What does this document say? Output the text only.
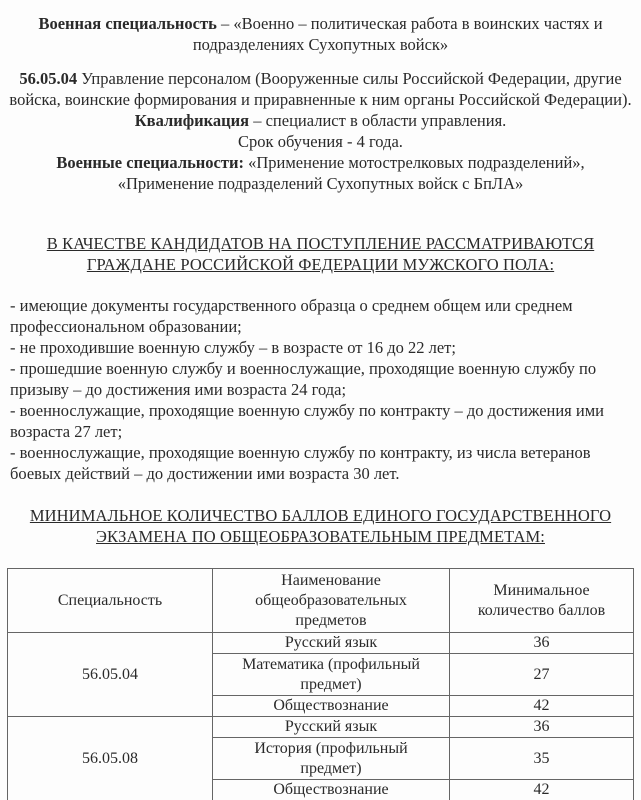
Военная специальность – «Военно – политическая работа в воинских частях и подразделениях Сухопутных войск»
56.05.04 Управление персоналом (Вооруженные силы Российской Федерации, другие войска, воинские формирования и приравненные к ним органы Российской Федерации).
Квалификация – специалист в области управления.
Срок обучения - 4 года.
Военные специальности: «Применение мотострелковых подразделений», «Применение подразделений Сухопутных войск с БпЛА»
В КАЧЕСТВЕ КАНДИДАТОВ НА ПОСТУПЛЕНИЕ РАССМАТРИВАЮТСЯ ГРАЖДАНЕ РОССИЙСКОЙ ФЕДЕРАЦИИ МУЖСКОГО ПОЛА:
- имеющие документы государственного образца о среднем общем или среднем профессиональном образовании;
- не проходившие военную службу – в возрасте от 16 до 22 лет;
- прошедшие военную службу и военнослужащие, проходящие военную службу по призыву – до достижения ими возраста 24 года;
- военнослужащие, проходящие военную службу по контракту – до достижения ими возраста 27 лет;
- военнослужащие, проходящие военную службу по контракту, из числа ветеранов боевых действий – до достижении ими возраста 30 лет.
МИНИМАЛЬНОЕ КОЛИЧЕСТВО БАЛЛОВ ЕДИНОГО ГОСУДАРСТВЕННОГО ЭКЗАМЕНА ПО ОБЩЕОБРАЗОВАТЕЛЬНЫМ ПРЕДМЕТАМ:
Специальность	Наименование общеобразовательных предметов	Минимальное количество баллов
56.05.04	Русский язык	36
	Математика (профильный предмет)	27
	Обществознание	42
56.05.08	Русский язык	36
	История (профильный предмет)	35
	Обществознание	42
